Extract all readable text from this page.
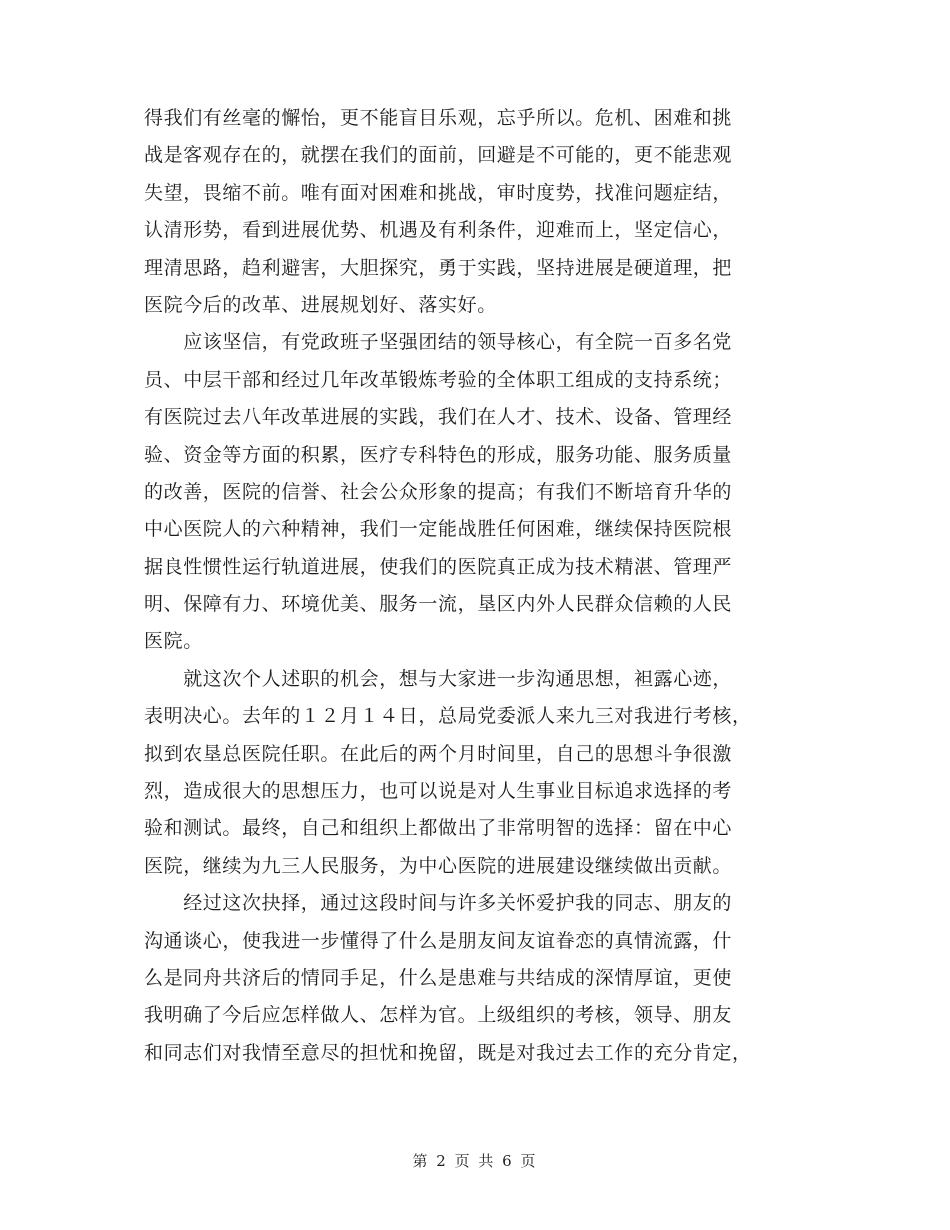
得我们有丝毫的懈怡，更不能盲目乐观，忘乎所以。危机、困难和挑
战是客观存在的，就摆在我们的面前，回避是不可能的，更不能悲观
失望，畏缩不前。唯有面对困难和挑战，审时度势，找准问题症结，
认清形势，看到进展优势、机遇及有利条件，迎难而上，坚定信心，
理清思路，趋利避害，大胆探究，勇于实践，坚持进展是硬道理，把
医院今后的改革、进展规划好、落实好。
　　应该坚信，有党政班子坚强团结的领导核心，有全院一百多名党
员、中层干部和经过几年改革锻炼考验的全体职工组成的支持系统；
有医院过去八年改革进展的实践，我们在人才、技术、设备、管理经
验、资金等方面的积累，医疗专科特色的形成，服务功能、服务质量
的改善，医院的信誉、社会公众形象的提高；有我们不断培育升华的
中心医院人的六种精神，我们一定能战胜任何困难，继续保持医院根
据良性惯性运行轨道进展，使我们的医院真正成为技术精湛、管理严
明、保障有力、环境优美、服务一流，垦区内外人民群众信赖的人民
医院。
　　就这次个人述职的机会，想与大家进一步沟通思想，袒露心迹，
表明决心。去年的１２月１４日，总局党委派人来九三对我进行考核，
拟到农垦总医院任职。在此后的两个月时间里，自己的思想斗争很激
烈，造成很大的思想压力，也可以说是对人生事业目标追求选择的考
验和测试。最终，自己和组织上都做出了非常明智的选择：留在中心
医院，继续为九三人民服务，为中心医院的进展建设继续做出贡献。
　　经过这次抉择，通过这段时间与许多关怀爱护我的同志、朋友的
沟通谈心，使我进一步懂得了什么是朋友间友谊眷恋的真情流露，什
么是同舟共济后的情同手足，什么是患难与共结成的深情厚谊，更使
我明确了今后应怎样做人、怎样为官。上级组织的考核，领导、朋友
和同志们对我情至意尽的担忧和挽留，既是对我过去工作的充分肯定，
第 2 页 共 6 页
